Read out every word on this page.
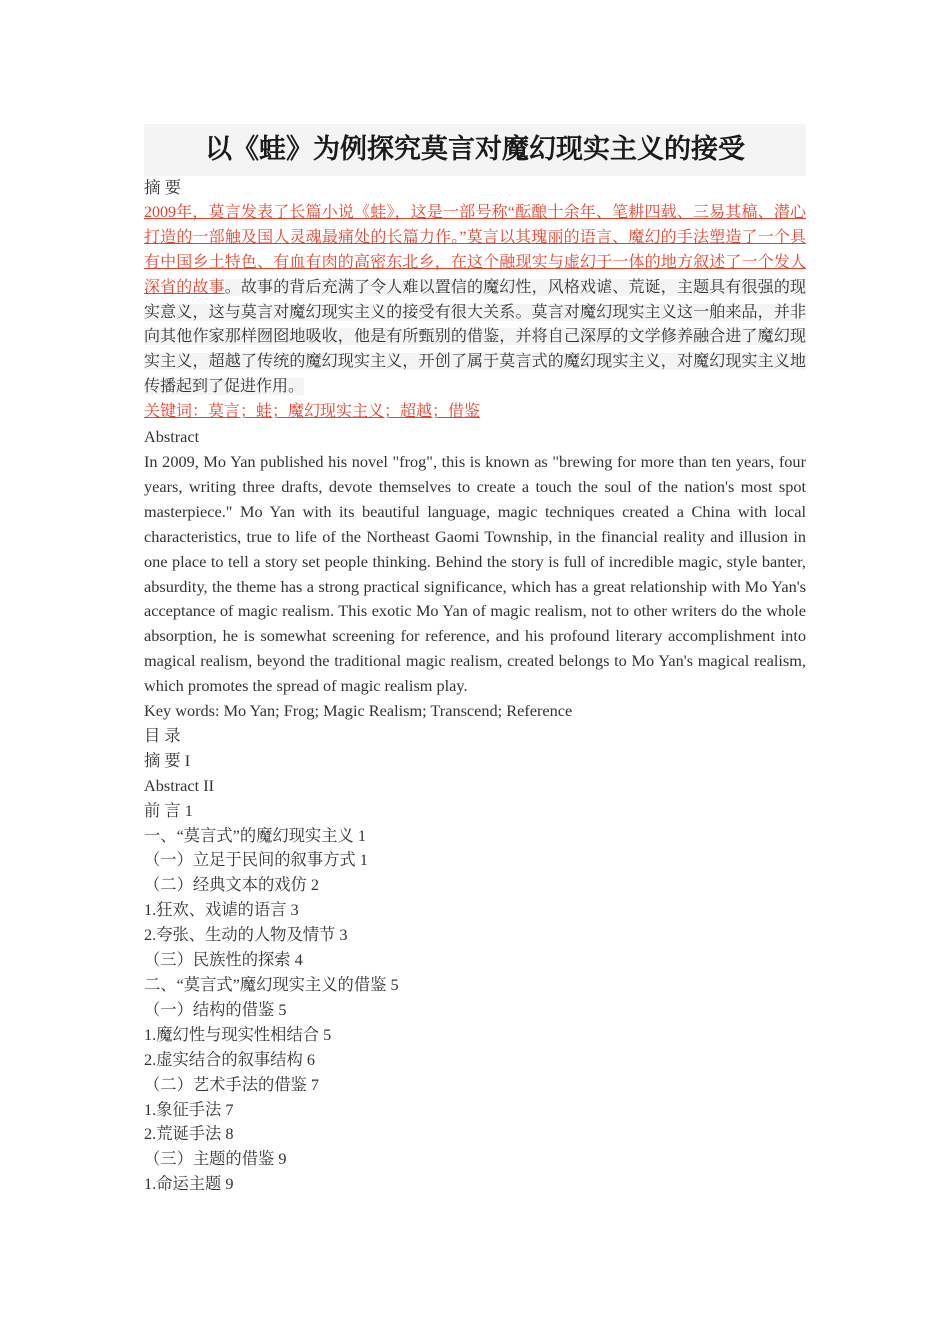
以《蛙》为例探究莫言对魔幻现实主义的接受

摘 要

2009年，莫言发表了长篇小说《蛙》，这是一部号称“酝酿十余年、笔耕四载、三易其稿、潜心打造的一部触及国人灵魂最痛处的长篇力作。”莫言以其瑰丽的语言、魔幻的手法塑造了一个具有中国乡土特色、有血有肉的高密东北乡，在这个融现实与虚幻于一体的地方叙述了一个发人深省的故事。故事的背后充满了令人难以置信的魔幻性，风格戏谑、荒诞，主题具有很强的现实意义，这与莫言对魔幻现实主义的接受有很大关系。莫言对魔幻现实主义这一舶来品，并非向其他作家那样囫囵地吸收，他是有所甄别的借鉴，并将自己深厚的文学修养融合进了魔幻现实主义，超越了传统的魔幻现实主义，开创了属于莫言式的魔幻现实主义，对魔幻现实主义地传播起到了促进作用。

关键词：莫言；蛙；魔幻现实主义；超越；借鉴

Abstract

In 2009, Mo Yan published his novel "frog", this is known as "brewing for more than ten years, four years, writing three drafts, devote themselves to create a touch the soul of the nation's most spot masterpiece." Mo Yan with its beautiful language, magic techniques created a China with local characteristics, true to life of the Northeast Gaomi Township, in the financial reality and illusion in one place to tell a story set people thinking. Behind the story is full of incredible magic, style banter, absurdity, the theme has a strong practical significance, which has a great relationship with Mo Yan's acceptance of magic realism. This exotic Mo Yan of magic realism, not to other writers do the whole absorption, he is somewhat screening for reference, and his profound literary accomplishment into magical realism, beyond the traditional magic realism, created belongs to Mo Yan's magical realism, which promotes the spread of magic realism play.

Key words: Mo Yan; Frog; Magic Realism; Transcend; Reference

目 录

摘 要 I

Abstract II

前 言 1

一、“莫言式”的魔幻现实主义 1

（一）立足于民间的叙事方式 1

（二）经典文本的戏仿 2

1.狂欢、戏谑的语言 3

2.夸张、生动的人物及情节 3

（三）民族性的探索 4

二、“莫言式”魔幻现实主义的借鉴 5

（一）结构的借鉴 5

1.魔幻性与现实性相结合 5

2.虚实结合的叙事结构 6

（二）艺术手法的借鉴 7

1.象征手法 7

2.荒诞手法 8

（三）主题的借鉴 9

1.命运主题 9
